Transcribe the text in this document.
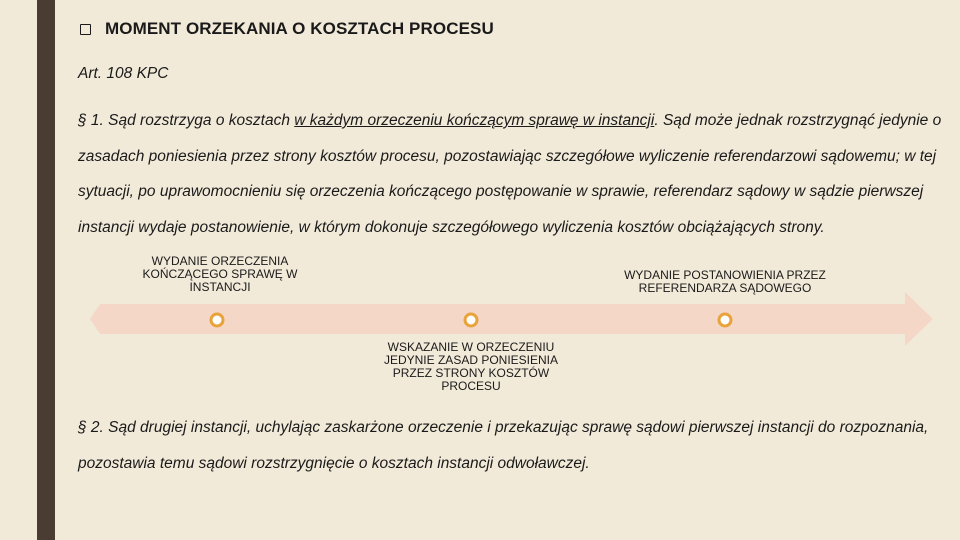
MOMENT ORZEKANIA O KOSZTACH PROCESU
Art. 108 KPC
§ 1. Sąd rozstrzyga o kosztach w każdym orzeczeniu kończącym sprawę w instancji. Sąd może jednak rozstrzygnąć jedynie o zasadach poniesienia przez strony kosztów procesu, pozostawiając szczegółowe wyliczenie referendarzowi sądowemu; w tej sytuacji, po uprawomocnieniu się orzeczenia kończącego postępowanie w sprawie, referendarz sądowy w sądzie pierwszej instancji wydaje postanowienie, w którym dokonuje szczegółowego wyliczenia kosztów obciążających strony.
WYDANIE ORZECZENIA KOŃCZĄCEGO SPRAWĘ W INSTANCJI
WYDANIE POSTANOWIENIA PRZEZ REFERENDARZA SĄDOWEGO
WSKAZANIE W ORZECZENIU JEDYNIE ZASAD PONIESIENIA PRZEZ STRONY KOSZTÓW PROCESU
§ 2. Sąd drugiej instancji, uchylając zaskarżone orzeczenie i przekazując sprawę sądowi pierwszej instancji do rozpoznania, pozostawia temu sądowi rozstrzygnięcie o kosztach instancji odwoławczej.
